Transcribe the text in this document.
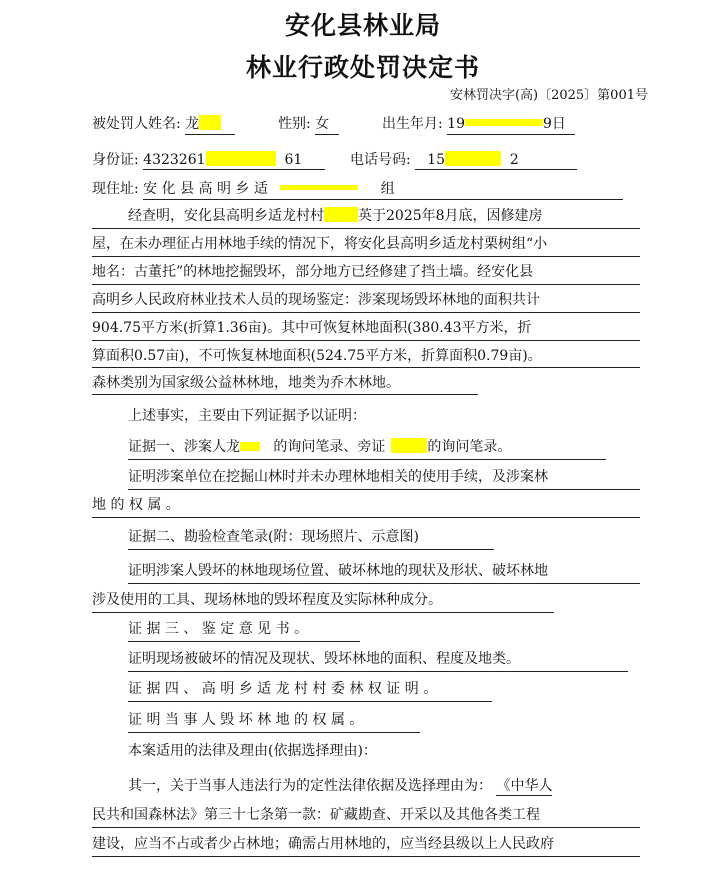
安化县林业局
林业行政处罚决定书
安林罚决字(高)〔2025〕第001号
被处罚人姓名: 龙	性别: 女	出生年月: 19	9日
身份证: 4323261	61	电话号码: 15	2
现住址: 安 化 县 高 明 乡 适	组
经查明，安化县高明乡适龙村村 英于2025年8月底，因修建房
屋，在未办理征占用林地手续的情况下，将安化县高明乡适龙村栗树组“小
地名：古董托”的林地挖掘毁坏，部分地方已经修建了挡土墙。经安化县
高明乡人民政府林业技术人员的现场鉴定：涉案现场毁坏林地的面积共计
904.75平方米(折算1.36亩)。其中可恢复林地面积(380.43平方米，折
算面积0.57亩)，不可恢复林地面积(524.75平方米，折算面积0.79亩)。
森林类别为国家级公益林林地，地类为乔木林地。
上述事实，主要由下列证据予以证明：
证据一、涉案人龙 的询问笔录、旁证	的询问笔录。
证明涉案单位在挖掘山林时并未办理林地相关的使用手续，及涉案林
地 的 权 属 。
证据二、勘验检查笔录(附：现场照片、示意图)
证明涉案人毁坏的林地现场位置、破坏林地的现状及形状、破坏林地
涉及使用的工具、现场林地的毁坏程度及实际林种成分。
证 据 三 、 鉴 定 意 见 书 。
证明现场被破坏的情况及现状、毁坏林地的面积、程度及地类。
证 据 四 、 高 明 乡 适 龙 村 村 委 林 权 证 明 。
证 明 当 事 人 毁 坏 林 地 的 权 属 。
本案适用的法律及理由(依据选择理由)：
其一，关于当事人违法行为的定性法律依据及选择理由为： 《中华人
民共和国森林法》第三十七条第一款：矿藏勘查、开采以及其他各类工程
建设，应当不占或者少占林地；确需占用林地的，应当经县级以上人民政府
